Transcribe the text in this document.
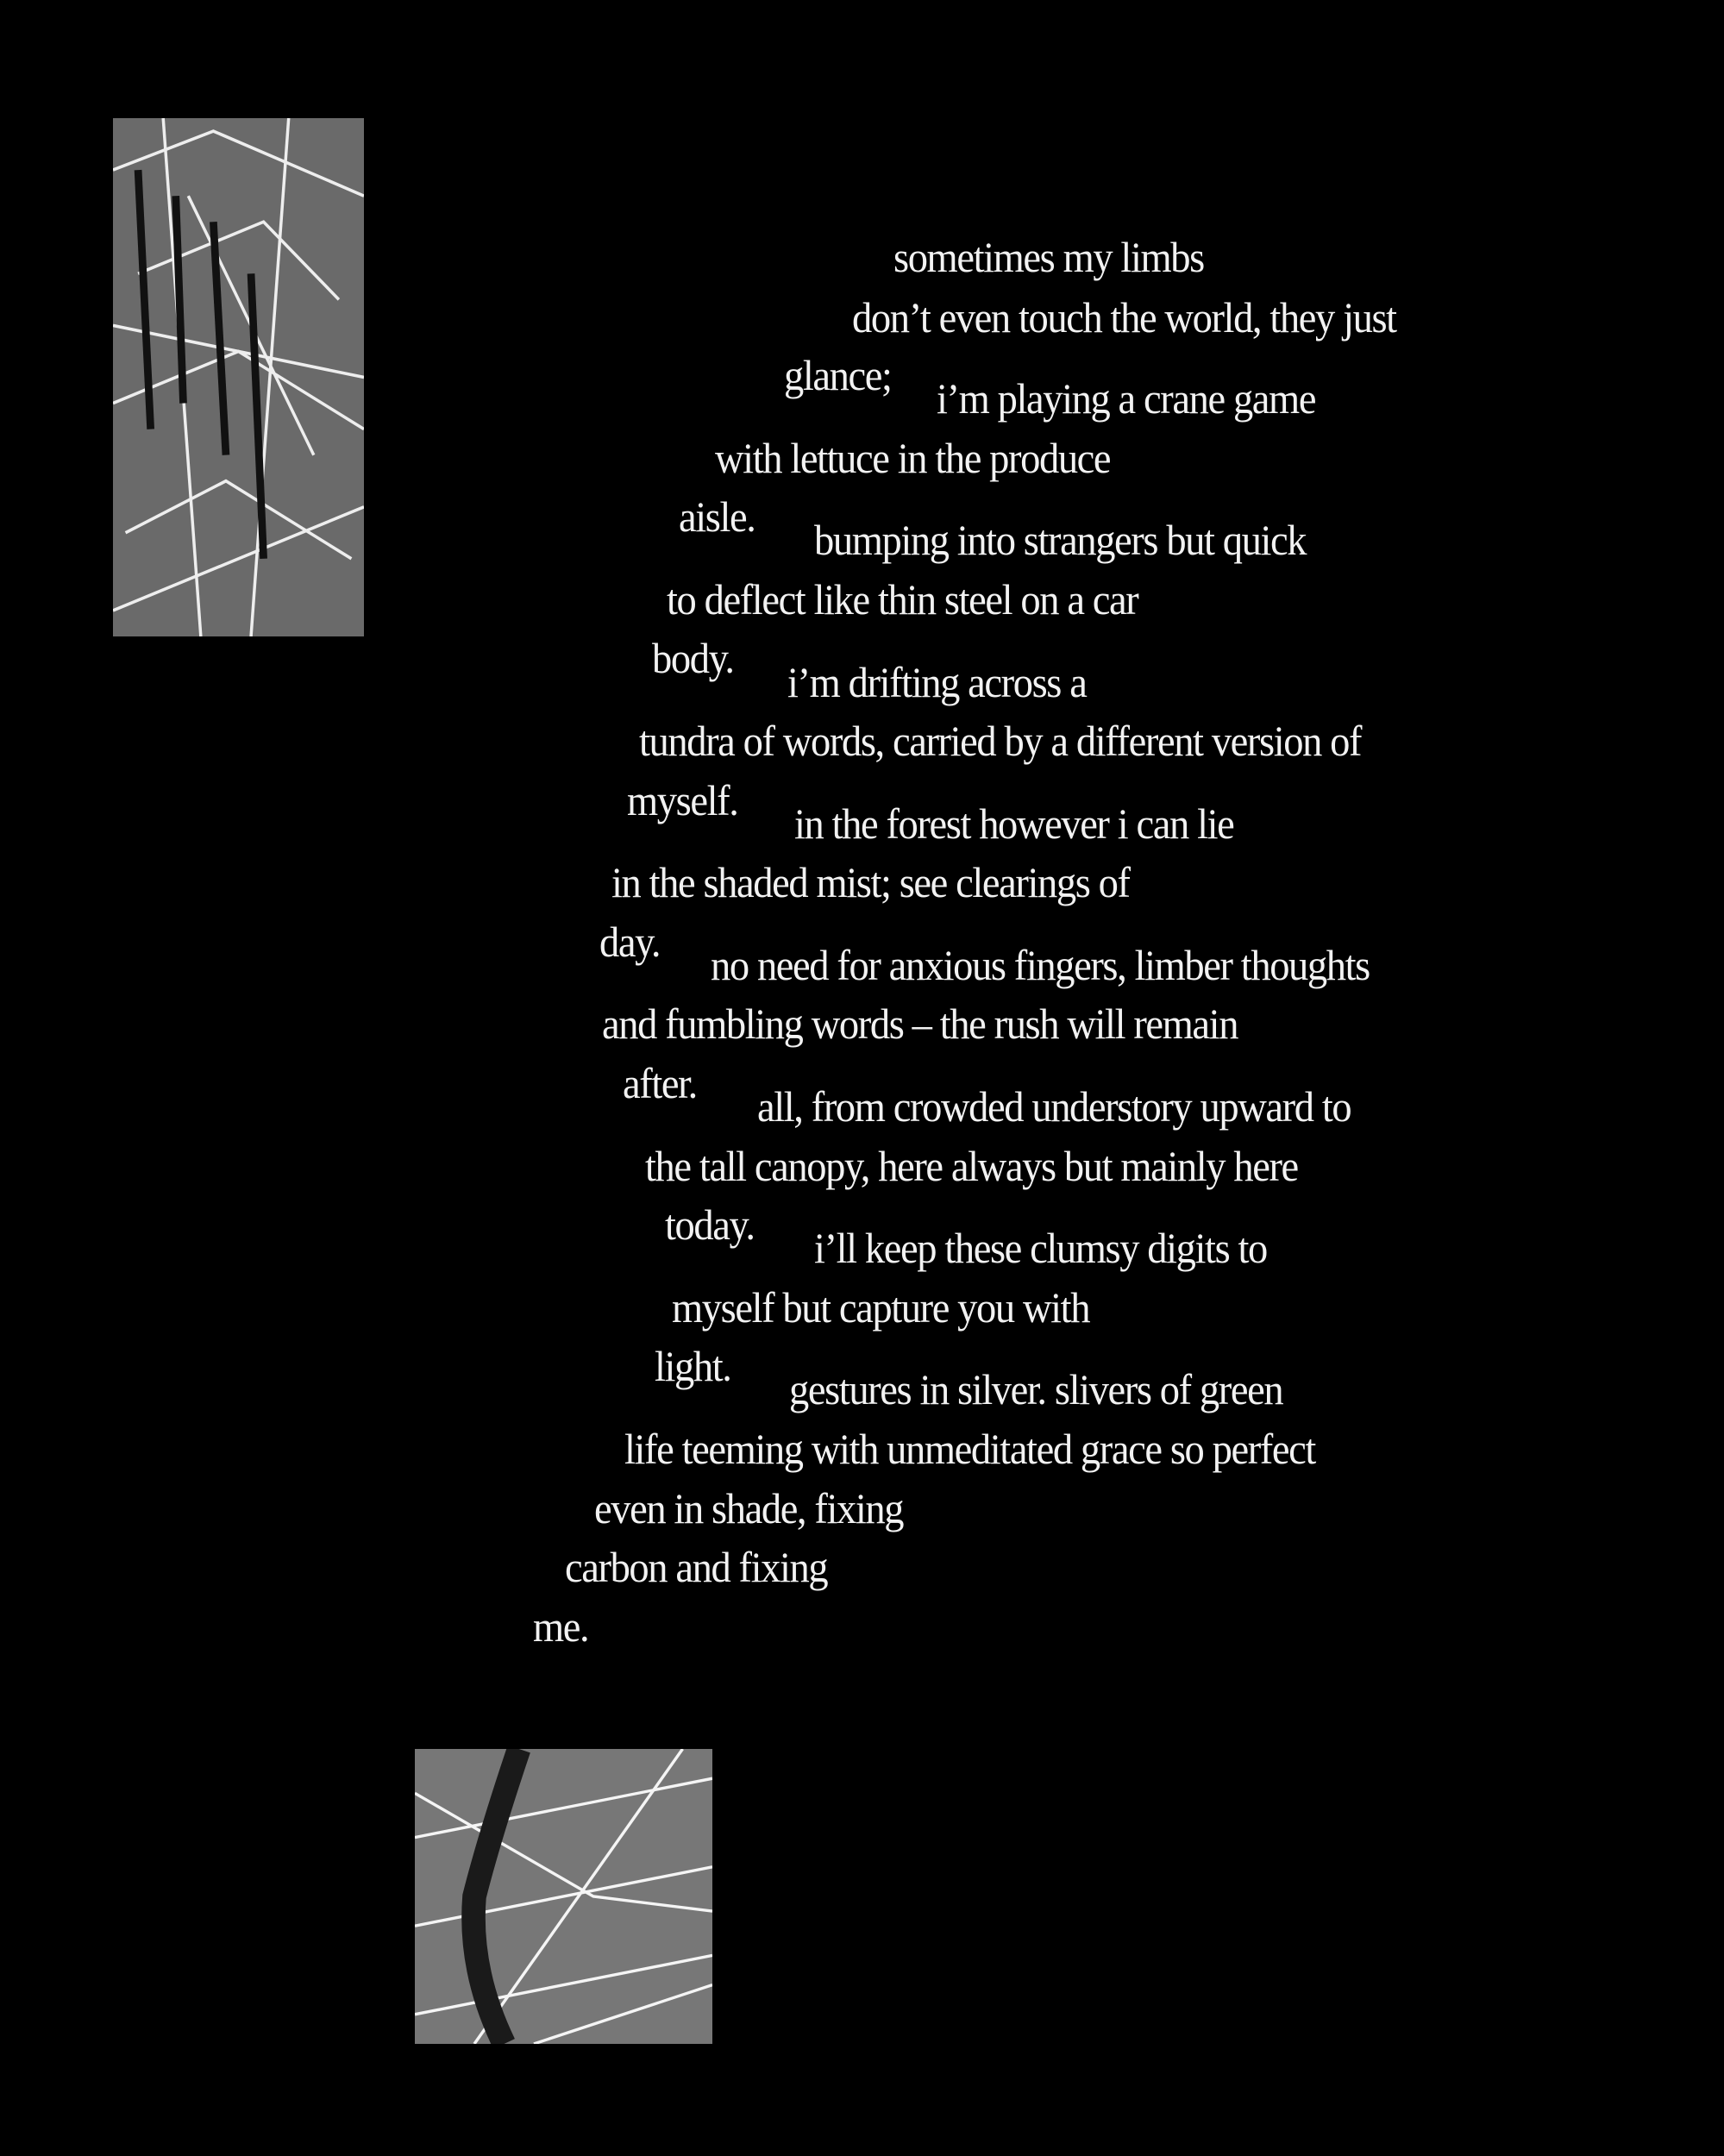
sometimes my limbs
don’t even touch the world, they just
glance; i’m playing a crane game
with lettuce in the produce
aisle. bumping into strangers but quick
to deflect like thin steel on a car
body. i’m drifting across a
tundra of words, carried by a different version of
myself. in the forest however i can lie
in the shaded mist; see clearings of
day. no need for anxious fingers, limber thoughts
and fumbling words – the rush will remain
after. all, from crowded understory upward to
the tall canopy, here always but mainly here
today. i’ll keep these clumsy digits to
myself but capture you with
light. gestures in silver. slivers of green
life teeming with unmeditated grace so perfect
even in shade, fixing
carbon and fixing
me.
